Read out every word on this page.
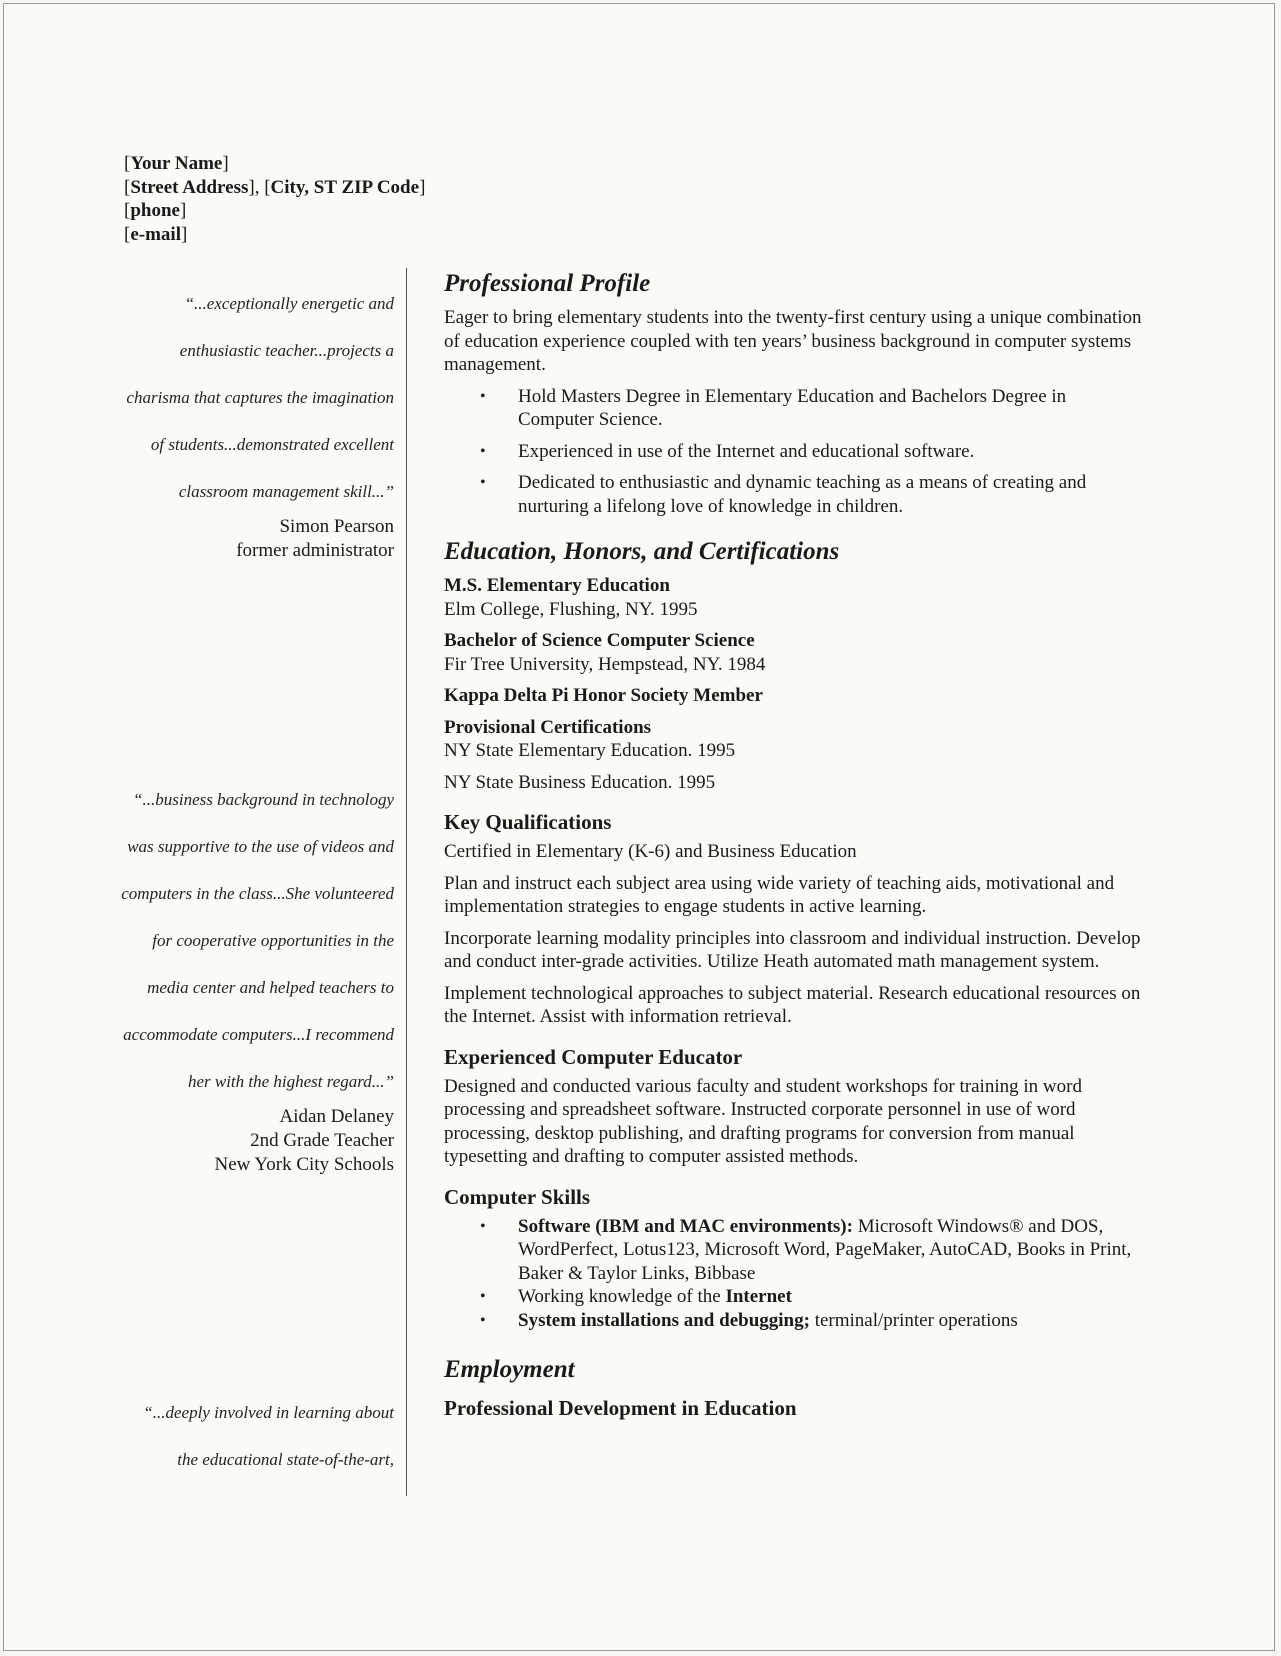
[Your Name]
[Street Address], [City, ST ZIP Code]
[phone]
[e-mail]
“...exceptionally energetic and
enthusiastic teacher...projects a
charisma that captures the imagination
of students...demonstrated excellent
classroom management skill...”
Simon Pearson
former administrator
“...business background in technology
was supportive to the use of videos and
computers in the class...She volunteered
for cooperative opportunities in the
media center and helped teachers to
accommodate computers...I recommend
her with the highest regard...”
Aidan Delaney
2nd Grade Teacher
New York City Schools
“...deeply involved in learning about
the educational state-of-the-art,
Professional Profile
Eager to bring elementary students into the twenty-first century using a unique combination of education experience coupled with ten years’ business background in computer systems management.
• Hold Masters Degree in Elementary Education and Bachelors Degree in Computer Science.
• Experienced in use of the Internet and educational software.
• Dedicated to enthusiastic and dynamic teaching as a means of creating and nurturing a lifelong love of knowledge in children.
Education, Honors, and Certifications
M.S. Elementary Education
Elm College, Flushing, NY. 1995
Bachelor of Science Computer Science
Fir Tree University, Hempstead, NY. 1984
Kappa Delta Pi Honor Society Member
Provisional Certifications
NY State Elementary Education. 1995
NY State Business Education. 1995
Key Qualifications
Certified in Elementary (K-6) and Business Education
Plan and instruct each subject area using wide variety of teaching aids, motivational and implementation strategies to engage students in active learning.
Incorporate learning modality principles into classroom and individual instruction. Develop and conduct inter-grade activities. Utilize Heath automated math management system.
Implement technological approaches to subject material. Research educational resources on the Internet. Assist with information retrieval.
Experienced Computer Educator
Designed and conducted various faculty and student workshops for training in word processing and spreadsheet software. Instructed corporate personnel in use of word processing, desktop publishing, and drafting programs for conversion from manual typesetting and drafting to computer assisted methods.
Computer Skills
• Software (IBM and MAC environments): Microsoft Windows® and DOS, WordPerfect, Lotus123, Microsoft Word, PageMaker, AutoCAD, Books in Print, Baker & Taylor Links, Bibbase
• Working knowledge of the Internet
• System installations and debugging; terminal/printer operations
Employment
Professional Development in Education
